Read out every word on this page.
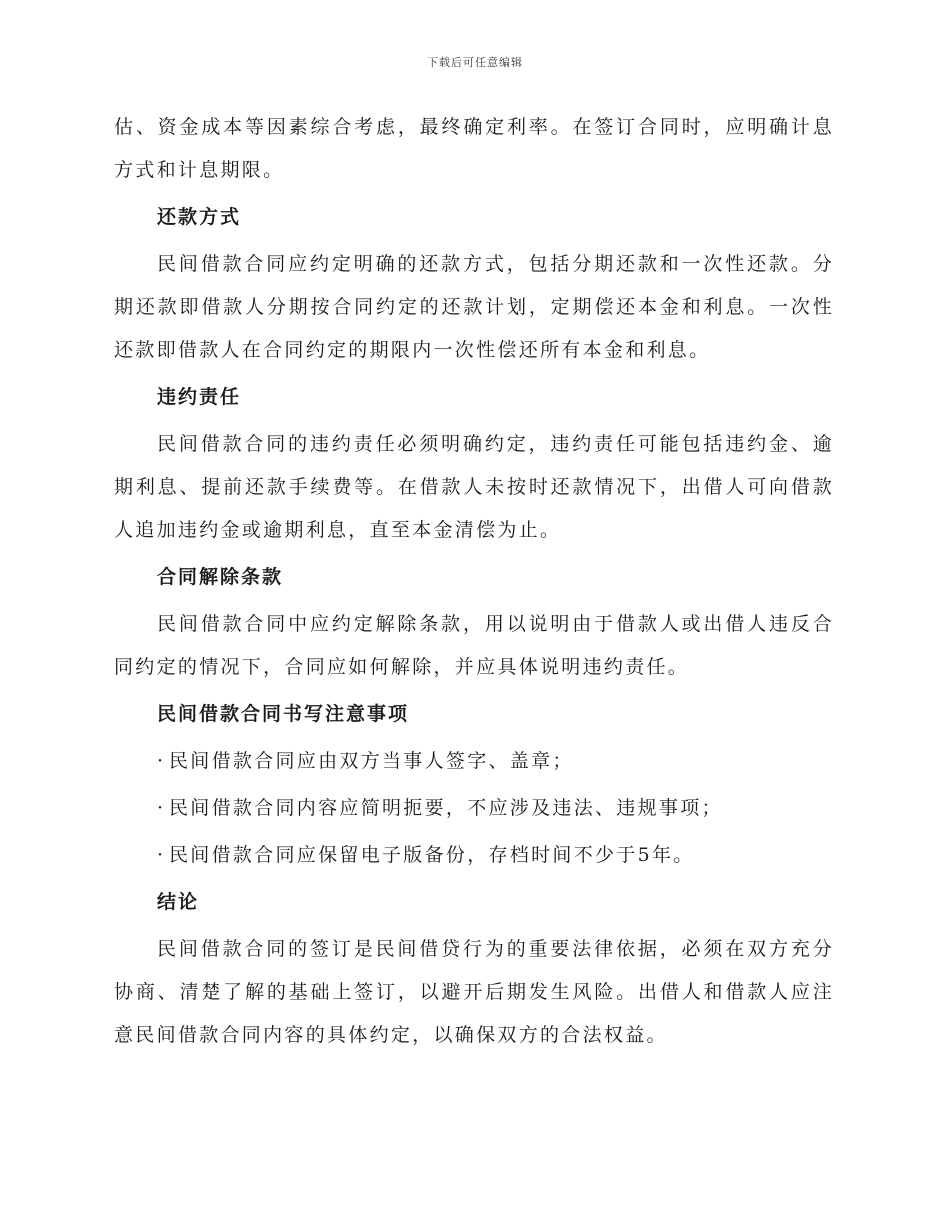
下载后可任意编辑

估、资金成本等因素综合考虑，最终确定利率。在签订合同时，应明确计息方式和计息期限。

还款方式

民间借款合同应约定明确的还款方式，包括分期还款和一次性还款。分期还款即借款人分期按合同约定的还款计划，定期偿还本金和利息。一次性还款即借款人在合同约定的期限内一次性偿还所有本金和利息。

违约责任

民间借款合同的违约责任必须明确约定，违约责任可能包括违约金、逾期利息、提前还款手续费等。在借款人未按时还款情况下，出借人可向借款人追加违约金或逾期利息，直至本金清偿为止。

合同解除条款

民间借款合同中应约定解除条款，用以说明由于借款人或出借人违反合同约定的情况下，合同应如何解除，并应具体说明违约责任。

民间借款合同书写注意事项

· 民间借款合同应由双方当事人签字、盖章；

· 民间借款合同内容应简明扼要，不应涉及违法、违规事项；

· 民间借款合同应保留电子版备份，存档时间不少于5年。

结论

民间借款合同的签订是民间借贷行为的重要法律依据，必须在双方充分协商、清楚了解的基础上签订，以避开后期发生风险。出借人和借款人应注意民间借款合同内容的具体约定，以确保双方的合法权益。
